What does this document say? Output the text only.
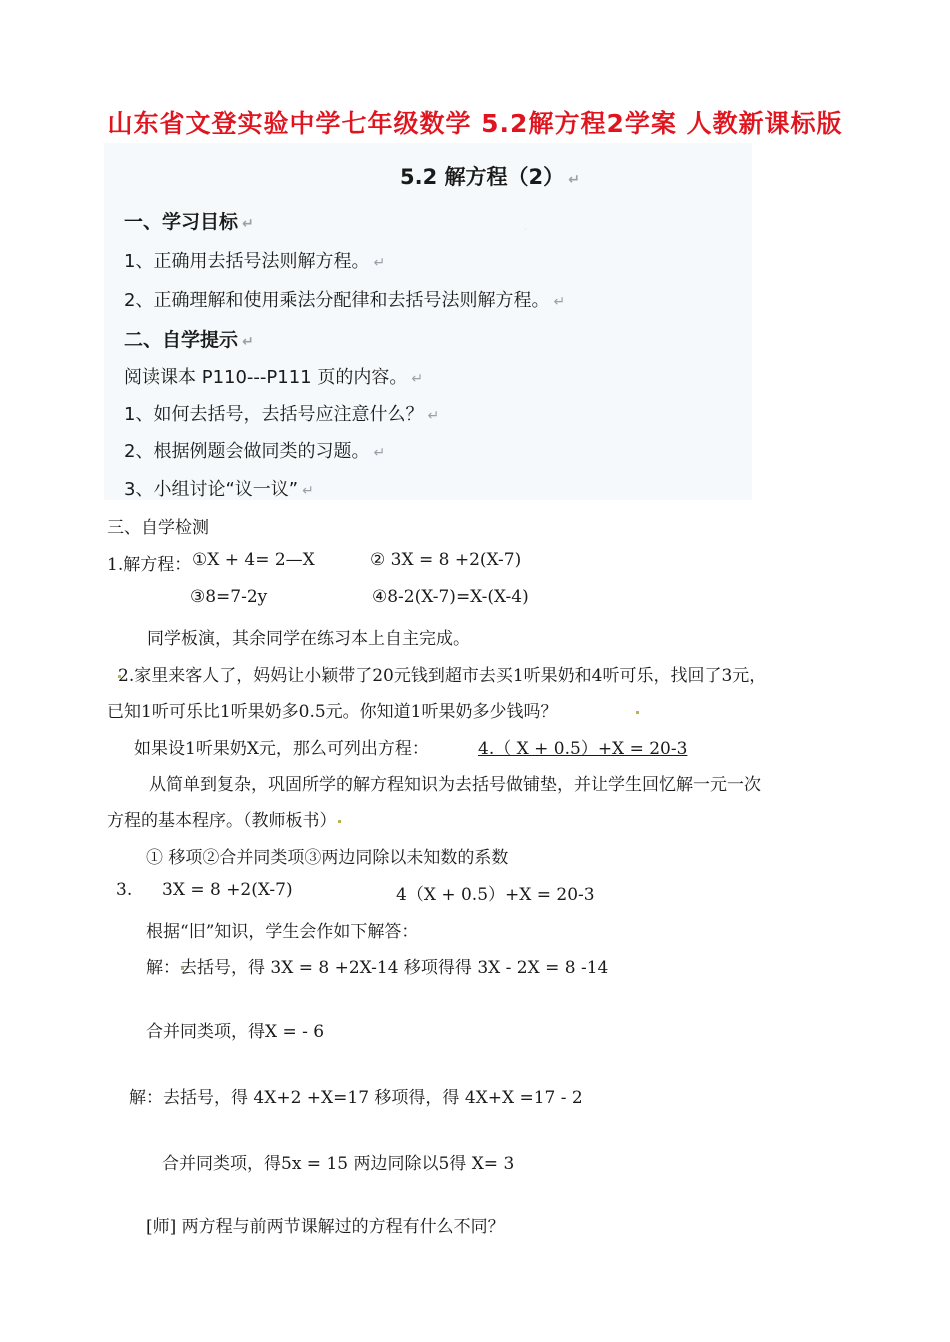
山东省文登实验中学七年级数学 5.2解方程2学案 人教新课标版
·
5.2 解方程（2） ↵
一、学习目标 ↵
1、正确用去括号法则解方程。 ↵
2、正确理解和使用乘法分配律和去括号法则解方程。 ↵
二、自学提示 ↵
阅读课本 P110---P111 页的内容。 ↵
1、如何去括号，去括号应注意什么？ ↵
2、根据例题会做同类的习题。 ↵
3、小组讨论“议一议” ↵
三、自学检测
1.解方程： ①X + 4= 2—X	② 3X = 8 +2(X-7)
③8=7-2y	④8-2(X-7)=X-(X-4)
同学板演，其余同学在练习本上自主完成。
2.家里来客人了，妈妈让小颖带了20元钱到超市去买1听果奶和4听可乐，找回了3元，
已知1听可乐比1听果奶多0.5元。你知道1听果奶多少钱吗？
如果设1听果奶X元，那么可列出方程：	4.（ X + 0.5）+X = 20-3
从简单到复杂，巩固所学的解方程知识为去括号做铺垫，并让学生回忆解一元一次
方程的基本程序。（教师板书）
① 移项②合并同类项③两边同除以未知数的系数
3. 3X = 8 +2(X-7)	4（X + 0.5）+X = 20-3
根据“旧”知识，学生会作如下解答：
解：去括号，得 3X = 8 +2X-14 移项得得 3X - 2X = 8 -14
合并同类项，得X = - 6
解：去括号，得 4X+2 +X=17 移项得，得 4X+X =17 - 2
合并同类项，得5x = 15 两边同除以5得 X= 3
[师] 两方程与前两节课解过的方程有什么不同？
